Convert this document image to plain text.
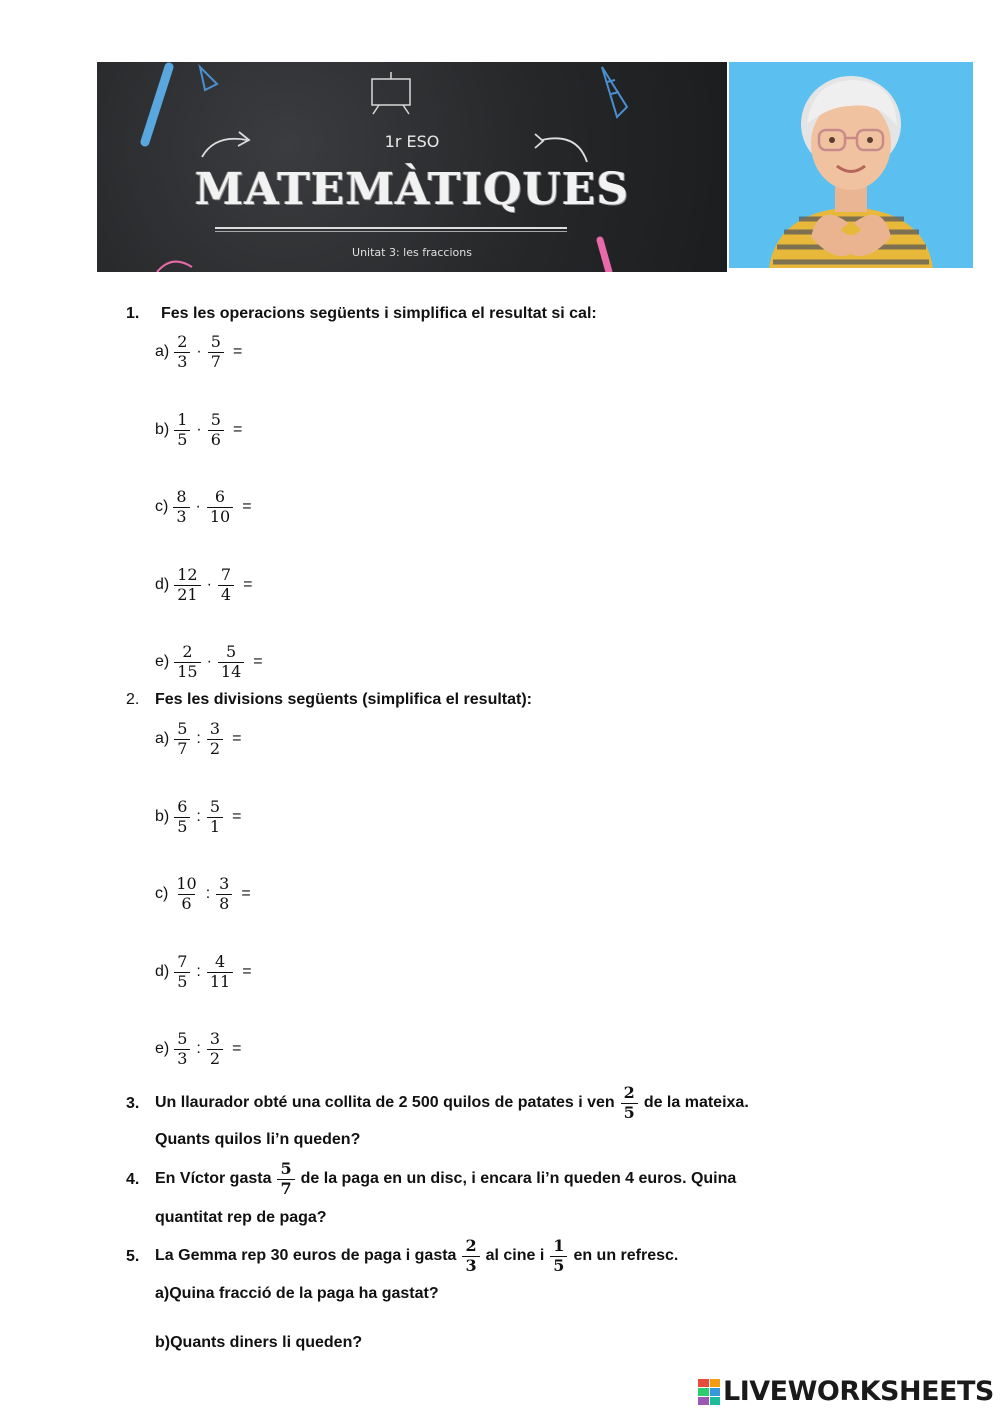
1r ESO
MATEMÀTIQUES
Unitat 3: les fraccions
1. Fes les operacions següents i simplifica el resultat si cal:
$a) \frac{2}{3} \cdot \frac{5}{7}$ =
$b) \frac{1}{5} \cdot \frac{5}{6}$ =
$c) \frac{8}{3} \cdot \frac{6}{10}$ =
$d) \frac{12}{21} \cdot \frac{7}{4}$ =
$e) \frac{2}{15} \cdot \frac{5}{14}$ =
2. Fes les divisions següents (simplifica el resultat):
$a) \frac{5}{7}$ : $\frac{3}{2}$ =
$b) \frac{6}{5}$ : $\frac{5}{1}$ =
$c) \frac{10}{6}$ : $\frac{3}{8}$ =
$d) \frac{7}{5}$ : $\frac{4}{11}$ =
$e) \frac{5}{3}$ : $\frac{3}{2}$ =
3. Un llaurador obté una collita de 2 500 quilos de patates i ven $\frac{2}{5}$ de la mateixa.
Quants quilos li’n queden?
4. En Víctor gasta $\frac{5}{7}$ de la paga en un disc, i encara li’n queden 4 euros. Quina
quantitat rep de paga?
5. La Gemma rep 30 euros de paga i gasta $\frac{2}{3}$ al cine i $\frac{1}{5}$ en un refresc.
a)Quina fracció de la paga ha gastat?
b)Quants diners li queden?
LIVEWORKSHEETS
